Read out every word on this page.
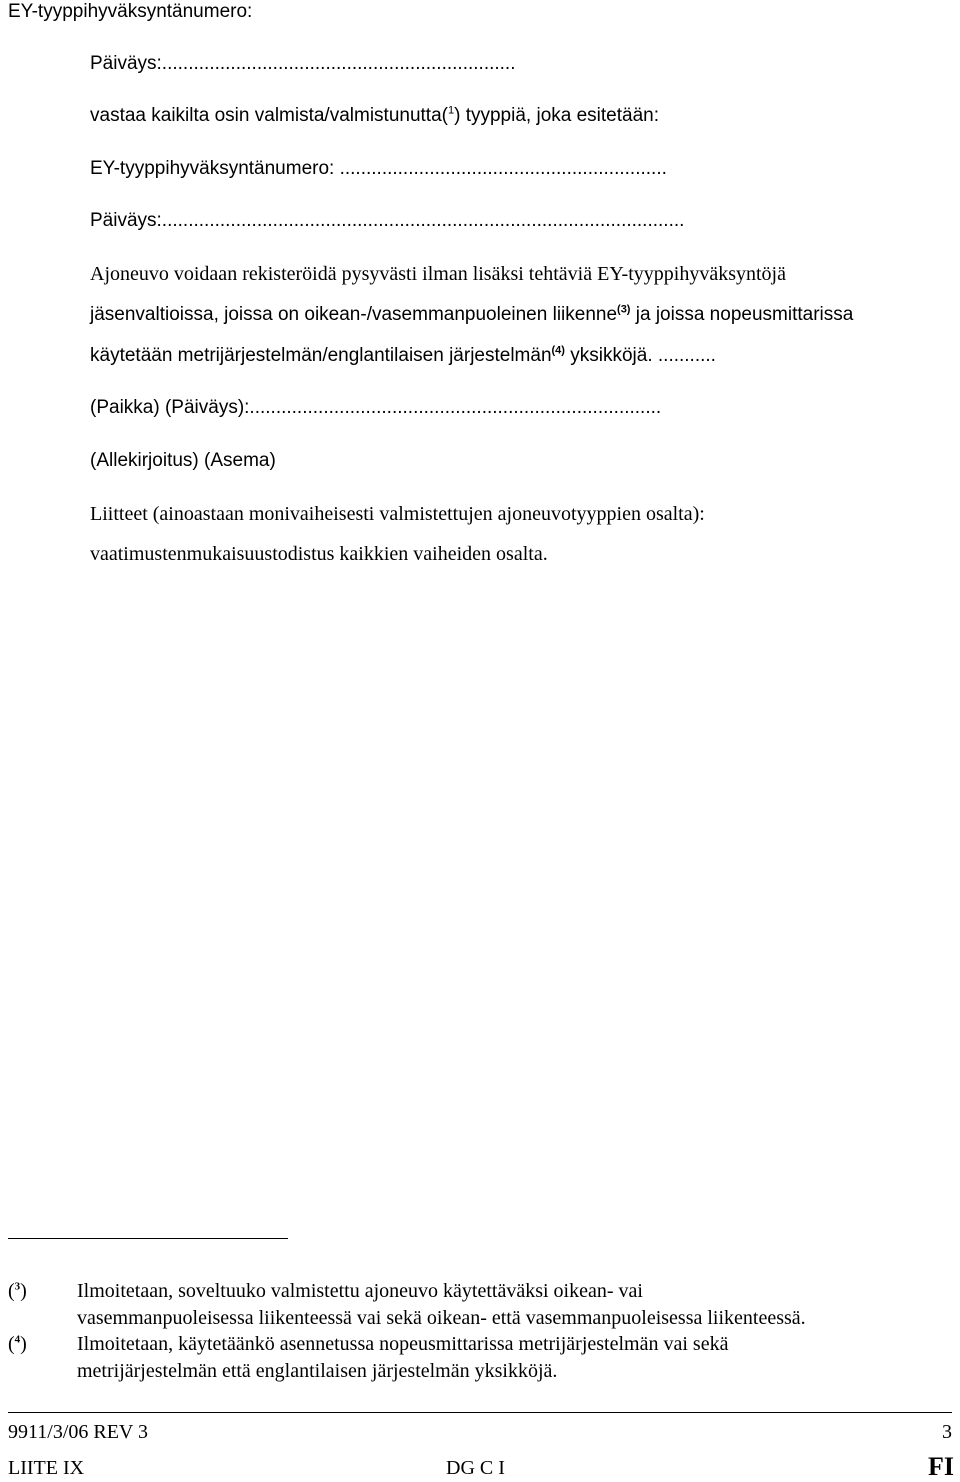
EY-tyyppihyväksyntänumero:
Päiväys:...................................................................
vastaa kaikilta osin valmista/valmistunutta($^1$) tyyppiä, joka esitetään:
EY-tyyppihyväksyntänumero: ..............................................................
Päiväys:...................................................................................................
Ajoneuvo voidaan rekisteröidä pysyvästi ilman lisäksi tehtäviä EY-tyyppihyväksyntöjä
jäsenvaltioissa, joissa on oikean-/vasemmanpuoleinen liikenne$^{(3)}$ ja joissa nopeusmittarissa
käytetään metrijärjestelmän/englantilaisen järjestelmän$^{(4)}$ yksikköjä. ...........
(Paikka) (Päiväys):..............................................................................
(Allekirjoitus) (Asema)
Liitteet (ainoastaan monivaiheisesti valmistettujen ajoneuvotyyppien osalta):
vaatimustenmukaisuustodistus kaikkien vaiheiden osalta.
($^3$)	Ilmoitetaan, soveltuuko valmistettu ajoneuvo käytettäväksi oikean- vai
vasemmanpuoleisessa liikenteessä vai sekä oikean- että vasemmanpuoleisessa liikenteessä.
($^4$)	Ilmoitetaan, käytetäänkö asennetussa nopeusmittarissa metrijärjestelmän vai sekä
metrijärjestelmän että englantilaisen järjestelmän yksikköjä.
9911/3/06 REV 3	3
LIITE IX	DG C I	FI
